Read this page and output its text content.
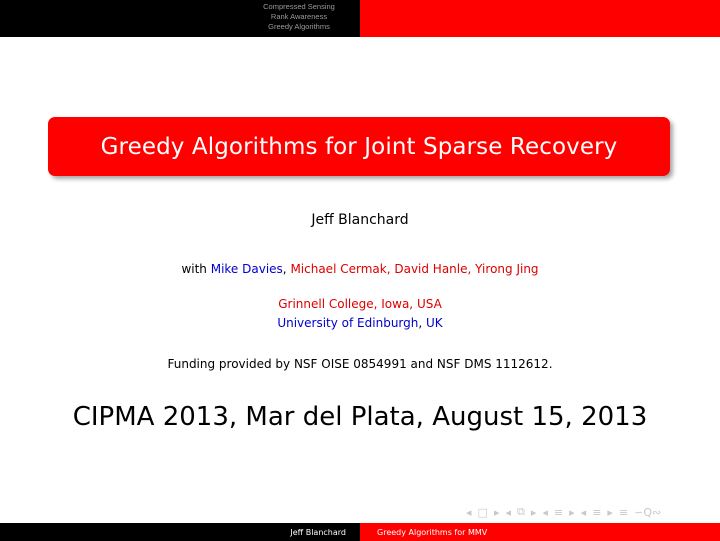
Compressed Sensing
Rank Awareness
Greedy Algorithms
Greedy Algorithms for Joint Sparse Recovery
Jeff Blanchard
with Mike Davies, Michael Cermak, David Hanle, Yirong Jing
Grinnell College, Iowa, USA
University of Edinburgh, UK
Funding provided by NSF OISE 0854991 and NSF DMS 1112612.
CIPMA 2013, Mar del Plata, August 15, 2013
◂ □ ▸ ◂ ⧉ ▸ ◂ ≡ ▸ ◂ ≡ ▸ ≡ ∽Q∾
Jeff Blanchard	Greedy Algorithms for MMV
